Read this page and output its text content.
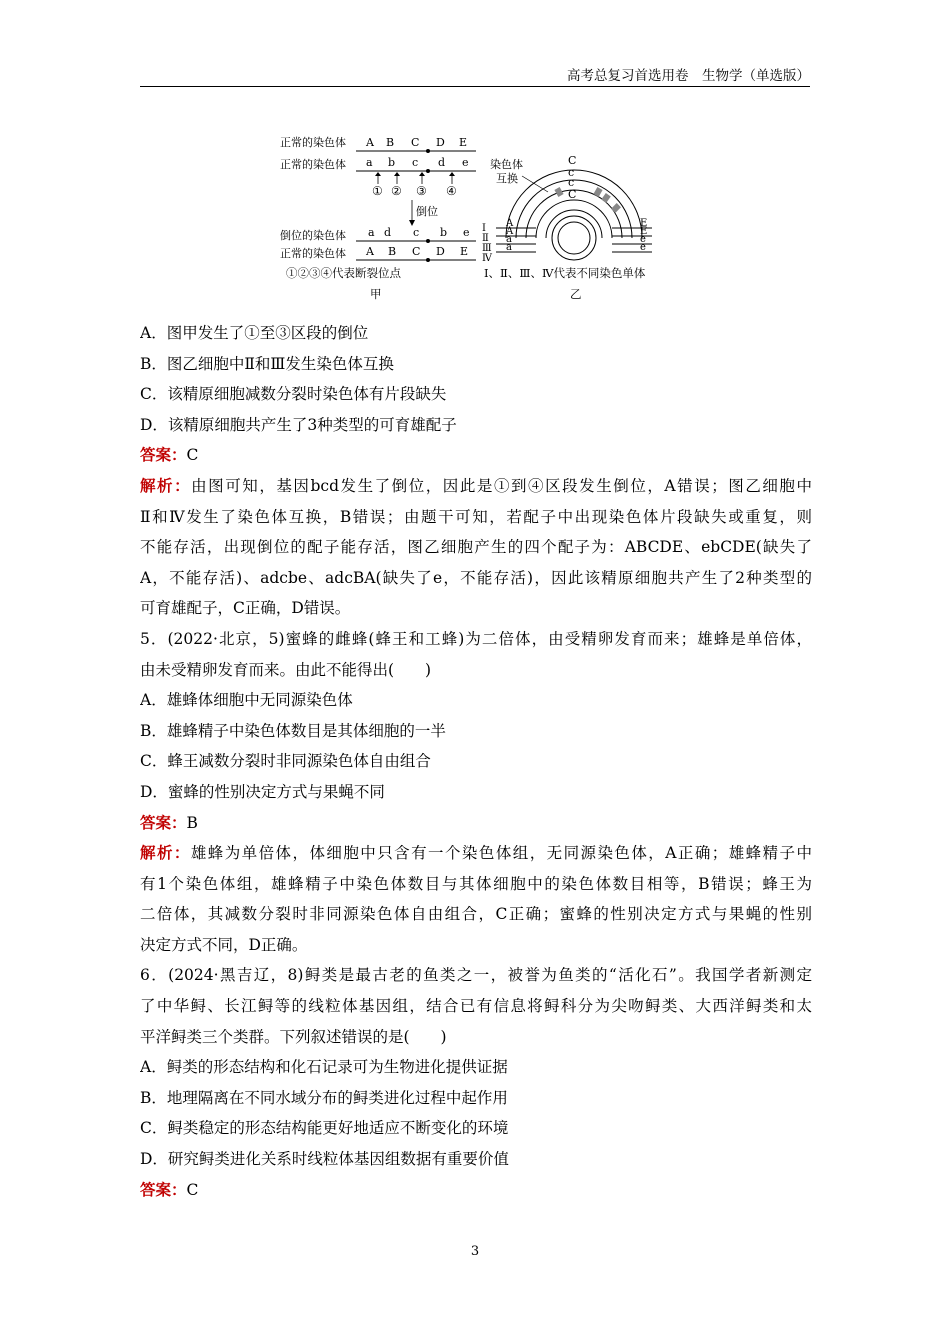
高考总复习首选用卷　生物学（单选版）
正常的染色体
正常的染色体
倒位的染色体
正常的染色体
A B C D E
a b c d e
① ② ③ ④
倒位
a d c b e
A B C D E
①②③④代表断裂位点
甲
染色体
互换
C
c
c
C
Ⅰ
Ⅱ
Ⅲ
Ⅳ
A
A
a
a
E
E
e
e
Ⅰ、Ⅱ、Ⅲ、Ⅳ代表不同染色单体
乙
A．图甲发生了①至③区段的倒位
B．图乙细胞中Ⅱ和Ⅲ发生染色体互换
C．该精原细胞减数分裂时染色体有片段缺失
D．该精原细胞共产生了3种类型的可育雄配子
答案：C
解析：由图可知，基因bcd发生了倒位，因此是①到④区段发生倒位，A错误；图乙细胞中
Ⅱ和Ⅳ发生了染色体互换，B错误；由题干可知，若配子中出现染色体片段缺失或重复，则
不能存活，出现倒位的配子能存活，图乙细胞产生的四个配子为：ABCDE、ebCDE(缺失了
A，不能存活)、adcbe、adcBA(缺失了e，不能存活)，因此该精原细胞共产生了2种类型的
可育雄配子，C正确，D错误。
5．(2022·北京，5)蜜蜂的雌蜂(蜂王和工蜂)为二倍体，由受精卵发育而来；雄蜂是单倍体，
由未受精卵发育而来。由此不能得出(　　)
A．雄蜂体细胞中无同源染色体
B．雄蜂精子中染色体数目是其体细胞的一半
C．蜂王减数分裂时非同源染色体自由组合
D．蜜蜂的性别决定方式与果蝇不同
答案：B
解析：雄蜂为单倍体，体细胞中只含有一个染色体组，无同源染色体，A正确；雄蜂精子中
有1个染色体组，雄蜂精子中染色体数目与其体细胞中的染色体数目相等，B错误；蜂王为
二倍体，其减数分裂时非同源染色体自由组合，C正确；蜜蜂的性别决定方式与果蝇的性别
决定方式不同，D正确。
6．(2024·黑吉辽，8)鲟类是最古老的鱼类之一，被誉为鱼类的“活化石”。我国学者新测定
了中华鲟、长江鲟等的线粒体基因组，结合已有信息将鲟科分为尖吻鲟类、大西洋鲟类和太
平洋鲟类三个类群。下列叙述错误的是(　　)
A．鲟类的形态结构和化石记录可为生物进化提供证据
B．地理隔离在不同水域分布的鲟类进化过程中起作用
C．鲟类稳定的形态结构能更好地适应不断变化的环境
D．研究鲟类进化关系时线粒体基因组数据有重要价值
答案：C
3
